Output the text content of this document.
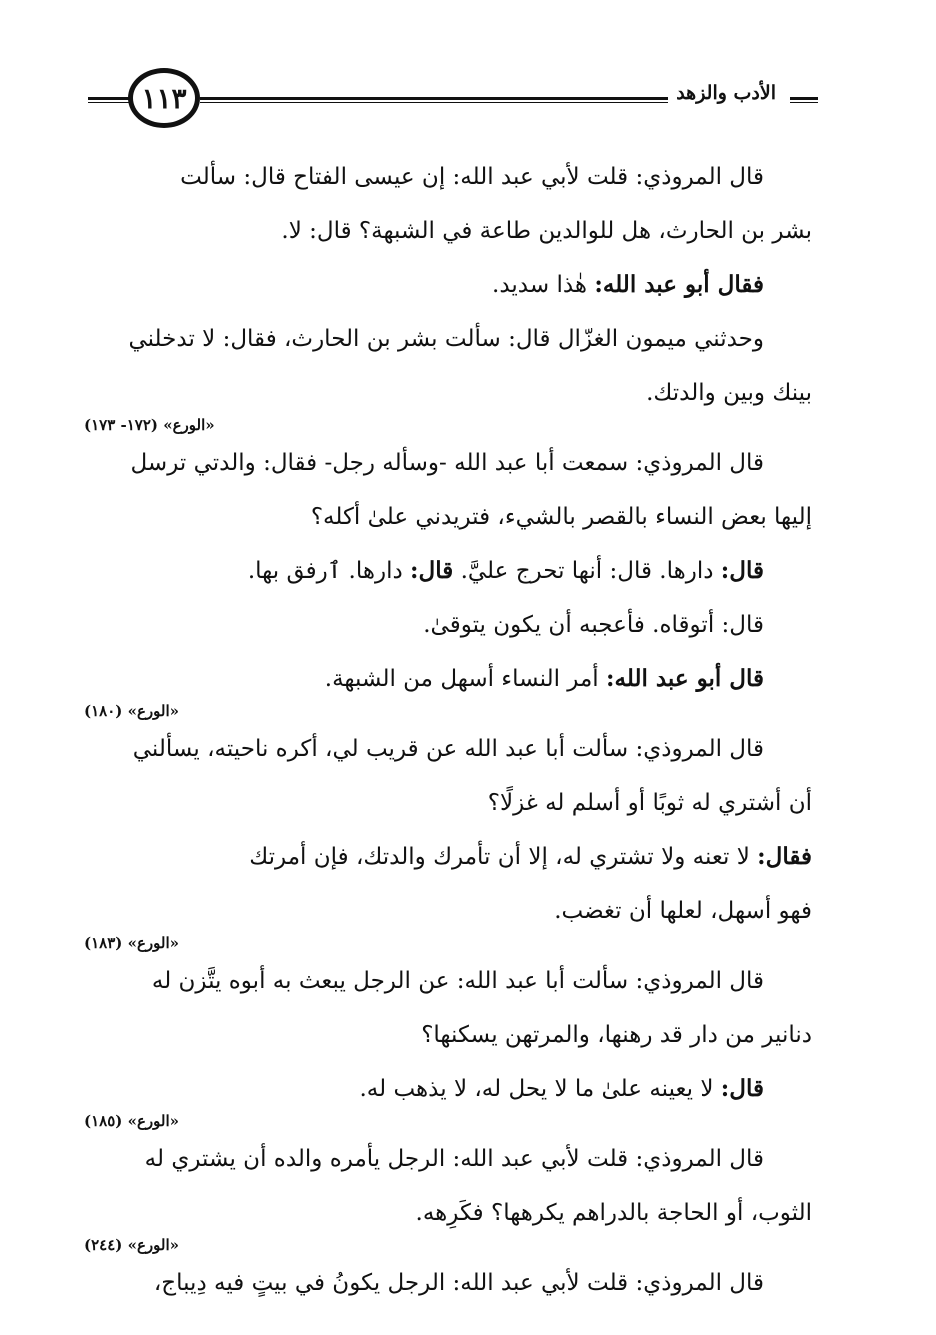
١١٣	الأدب والزهد

قال المروذي: قلت لأبي عبد الله: إن عيسى الفتاح قال: سألت
بشر بن الحارث، هل للوالدين طاعة في الشبهة؟ قال: لا.

فقال أبو عبد الله: هٰذا سديد.

وحدثني ميمون الغزّال قال: سألت بشر بن الحارث، فقال: لا تدخلني
بينك وبين والدتك.

«الورع» (١٧٢- ١٧٣)

قال المروذي: سمعت أبا عبد الله -وسأله رجل- فقال: والدتي ترسل
إليها بعض النساء بالقصر بالشيء، فتريدني علىٰ أكله؟

قال: دارها. قال: أنها تحرج عليَّ. قال: دارها. ٱرفق بها.

قال: أتوقاه. فأعجبه أن يكون يتوقىٰ.

قال أبو عبد الله: أمر النساء أسهل من الشبهة.

«الورع» (١٨٠)

قال المروذي: سألت أبا عبد الله عن قريب لي، أكره ناحيته، يسألني
أن أشتري له ثوبًا أو أسلم له غزلًا؟

فقال: لا تعنه ولا تشتري له، إلا أن تأمرك والدتك، فإن أمرتك
فهو أسهل، لعلها أن تغضب.

«الورع» (١٨٣)

قال المروذي: سألت أبا عبد الله: عن الرجل يبعث به أبوه يتَّزن له
دنانير من دار قد رهنها، والمرتهن يسكنها؟

قال: لا يعينه علىٰ ما لا يحل له، لا يذهب له.

«الورع» (١٨٥)

قال المروذي: قلت لأبي عبد الله: الرجل يأمره والده أن يشتري له
الثوب، أو الحاجة بالدراهم يكرهها؟ فكَرِهه.

«الورع» (٢٤٤)

قال المروذي: قلت لأبي عبد الله: الرجل يكونُ في بيتٍ فيه دِيباج،
